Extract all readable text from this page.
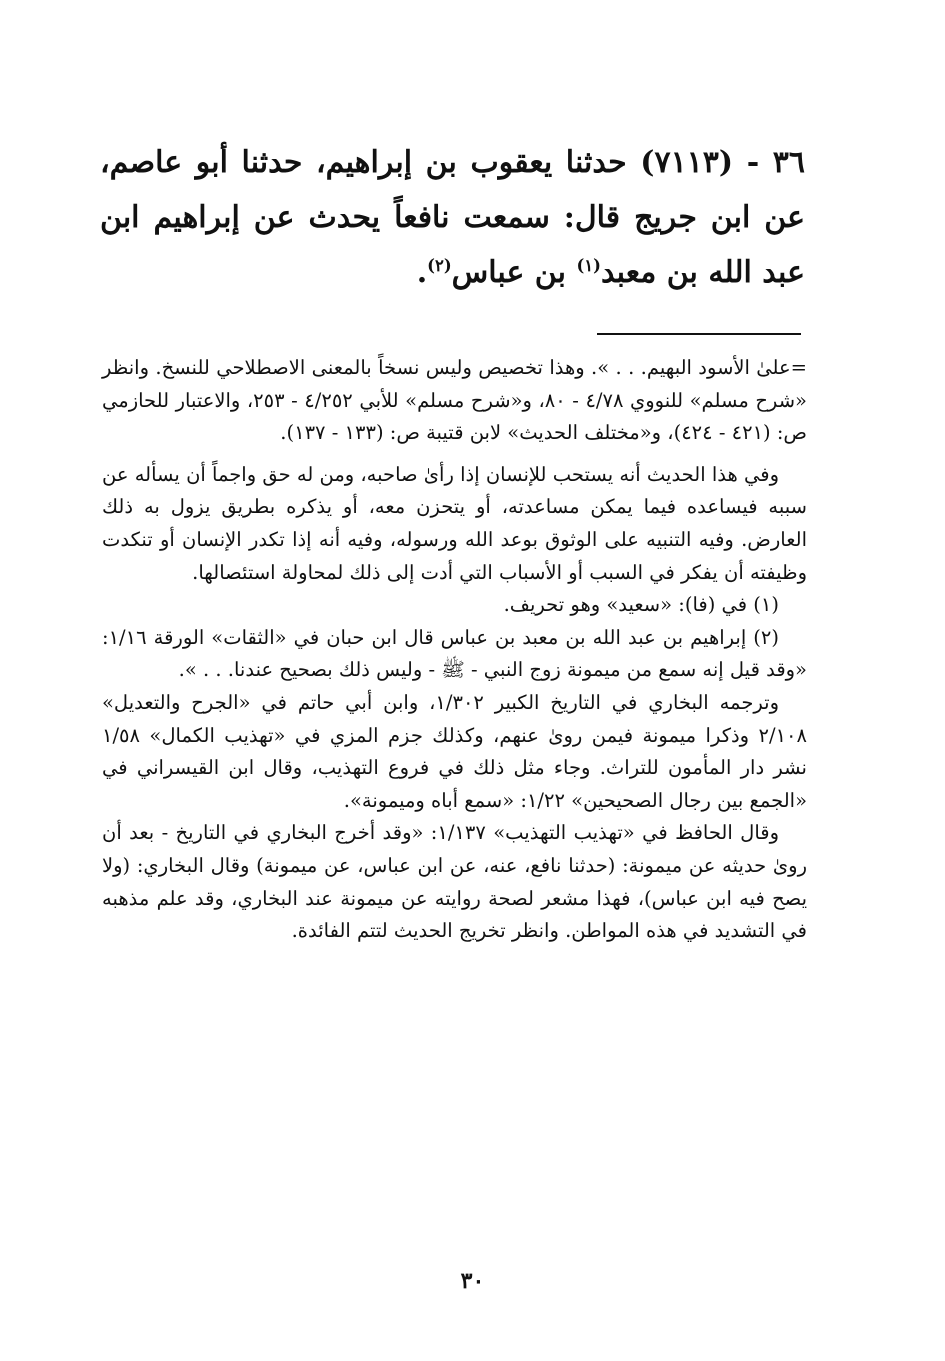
٣٦ - (٧١١٣) حدثنا يعقوب بن إبراهيم، حدثنا أبو عاصم، عن ابن جريج قال: سمعت نافعاً يحدث عن إبراهيم ابن عبد الله بن معبد$^{(١)}$ بن عباس$^{(٢)}$.

=علىٰ الأسود البهيم. . . ». وهذا تخصيص وليس نسخاً بالمعنى الاصطلاحي للنسخ. وانظر «شرح مسلم» للنووي ٤/٧٨ - ٨٠، و«شرح مسلم» للأبي ٤/٢٥٢ - ٢٥٣، والاعتبار للحازمي ص: (٤٢١ - ٤٢٤)، و«مختلف الحديث» لابن قتيبة ص: (١٣٣ - ١٣٧).

وفي هذا الحديث أنه يستحب للإنسان إذا رأىٰ صاحبه، ومن له حق واجماً أن يسأله عن سببه فيساعده فيما يمكن مساعدته، أو يتحزن معه، أو يذكره بطريق يزول به ذلك العارض. وفيه التنبيه على الوثوق بوعد الله ورسوله، وفيه أنه إذا تكدر الإنسان أو تنكدت وظيفته أن يفكر في السبب أو الأسباب التي أدت إلى ذلك لمحاولة استئصالها.

(١) في (فا): «سعيد» وهو تحريف.

(٢) إبراهيم بن عبد الله بن معبد بن عباس قال ابن حبان في «الثقات» الورقة ١/١٦: «وقد قيل إنه سمع من ميمونة زوج النبي - ﷺ - وليس ذلك بصحيح عندنا. . . ».

وترجمه البخاري في التاريخ الكبير ١/٣٠٢، وابن أبي حاتم في «الجرح والتعديل» ٢/١٠٨ وذكرا ميمونة فيمن روىٰ عنهم، وكذلك جزم المزي في «تهذيب الكمال» ١/٥٨ نشر دار المأمون للتراث. وجاء مثل ذلك في فروع التهذيب، وقال ابن القيسراني في «الجمع بين رجال الصحيحين» ١/٢٢: «سمع أباه وميمونة».

وقال الحافظ في «تهذيب التهذيب» ١/١٣٧: «وقد أخرج البخاري في التاريخ - بعد أن روىٰ حديثه عن ميمونة: (حدثنا نافع، عنه، عن ابن عباس، عن ميمونة) وقال البخاري: (ولا يصح فيه ابن عباس)، فهذا مشعر لصحة روايته عن ميمونة عند البخاري، وقد علم مذهبه في التشديد في هذه المواطن. وانظر تخريج الحديث لتتم الفائدة.

٣٠
